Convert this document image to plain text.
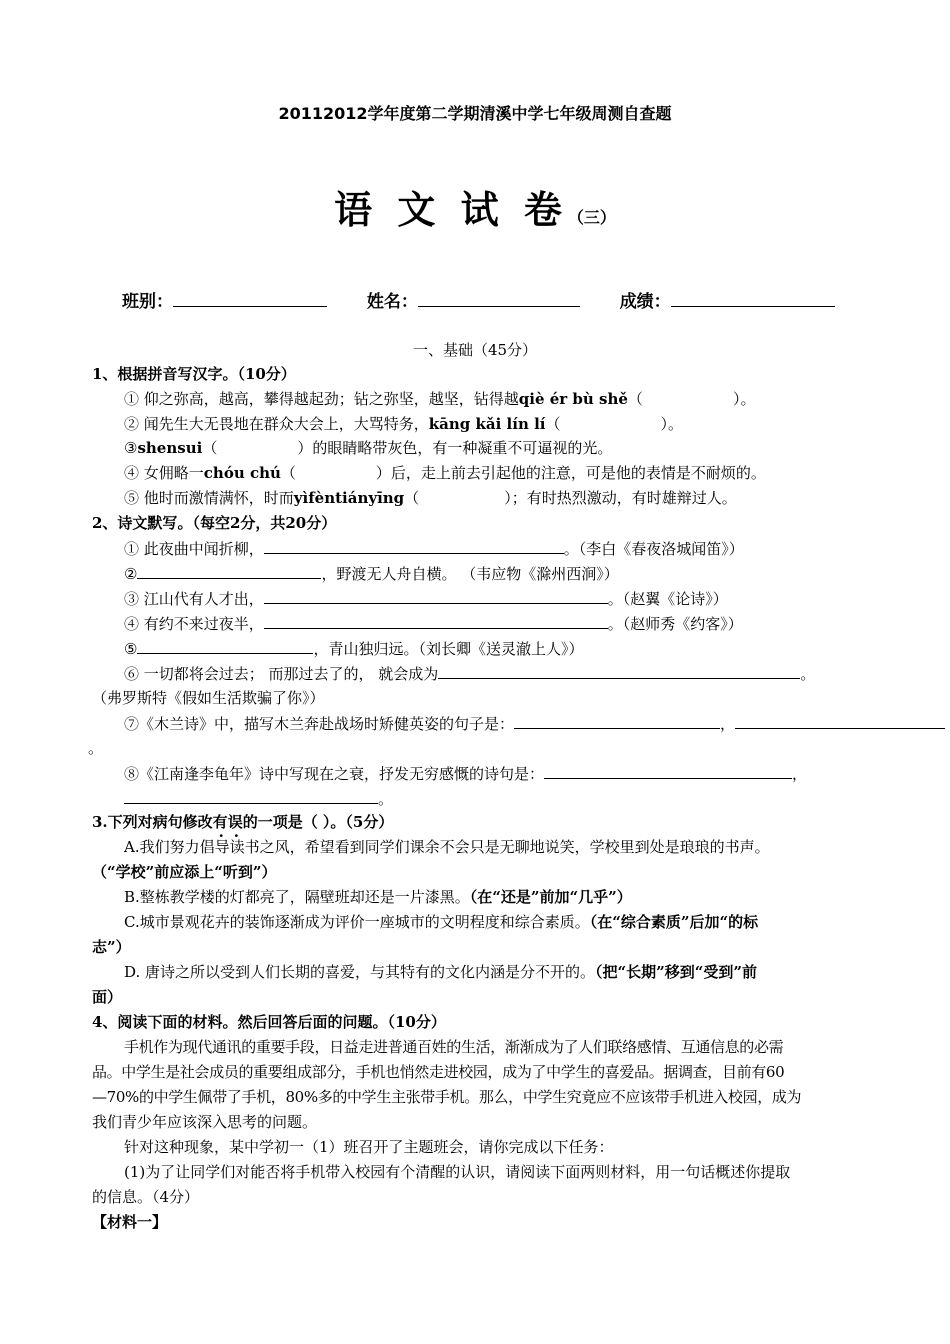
20112012学年度第二学期清溪中学七年级周测自查题
语 文 试 卷（三）
班别：	姓名：	成绩：
一、基础（45分）
1、根据拼音写汉字。（10分）
① 仰之弥高，越高，攀得越起劲；钻之弥坚，越坚，钻得越qiè ér bù shě（	）。
② 闻先生大无畏地在群众大会上，大骂特务，kāng kǎi lín lí（	）。
③shensui（	）的眼睛略带灰色，有一种凝重不可逼视的光。
④ 女佣略一chóu chú（	）后，走上前去引起他的注意，可是他的表情是不耐烦的。
⑤ 他时而激情满怀，时而yìfèntiányīng（	）；有时热烈激动，有时雄辩过人。
2、诗文默写。（每空2分，共20分）
① 此夜曲中闻折柳，	。（李白《春夜洛城闻笛》）
②	，野渡无人舟自横。 （韦应物《滁州西涧》）
③ 江山代有人才出，	。（赵翼《论诗》）
④ 有约不来过夜半，	。（赵师秀《约客》）
⑤	，青山独归远。（刘长卿《送灵澈上人》）
⑥ 一切都将会过去； 而那过去了的， 就会成为	。
（弗罗斯特《假如生活欺骗了你》）
⑦《木兰诗》中，描写木兰奔赴战场时矫健英姿的句子是：	，
。
⑧《江南逢李龟年》诗中写现在之衰，抒发无穷感慨的诗句是：	，
。
3.下列对病句修改有误的一项是（ ）。（5分）
A.我们努力倡导读书之风，希望看到同学们课余不会只是无聊地说笑，学校里到处是琅琅的书声。
（“学校”前应添上“听到”）
B.整栋教学楼的灯都亮了，隔壁班却还是一片漆黑。（在“还是”前加“几乎”）
C.城市景观花卉的装饰逐渐成为评价一座城市的文明程度和综合素质。（在“综合素质”后加“的标
志”）
D. 唐诗之所以受到人们长期的喜爱，与其特有的文化内涵是分不开的。（把“长期”移到“受到”前
面）
4、阅读下面的材料。然后回答后面的问题。（10分）
手机作为现代通讯的重要手段，日益走进普通百姓的生活，渐渐成为了人们联络感情、互通信息的必需
品。中学生是社会成员的重要组成部分，手机也悄然走进校园，成为了中学生的喜爱品。据调查，目前有60
—70%的中学生佩带了手机，80%多的中学生主张带手机。那么，中学生究竟应不应该带手机进入校园，成为
我们青少年应该深入思考的问题。
针对这种现象，某中学初一（1）班召开了主题班会，请你完成以下任务：
(1)为了让同学们对能否将手机带入校园有个清醒的认识，请阅读下面两则材料，用一句话概述你提取
的信息。（4分）
【材料一】
